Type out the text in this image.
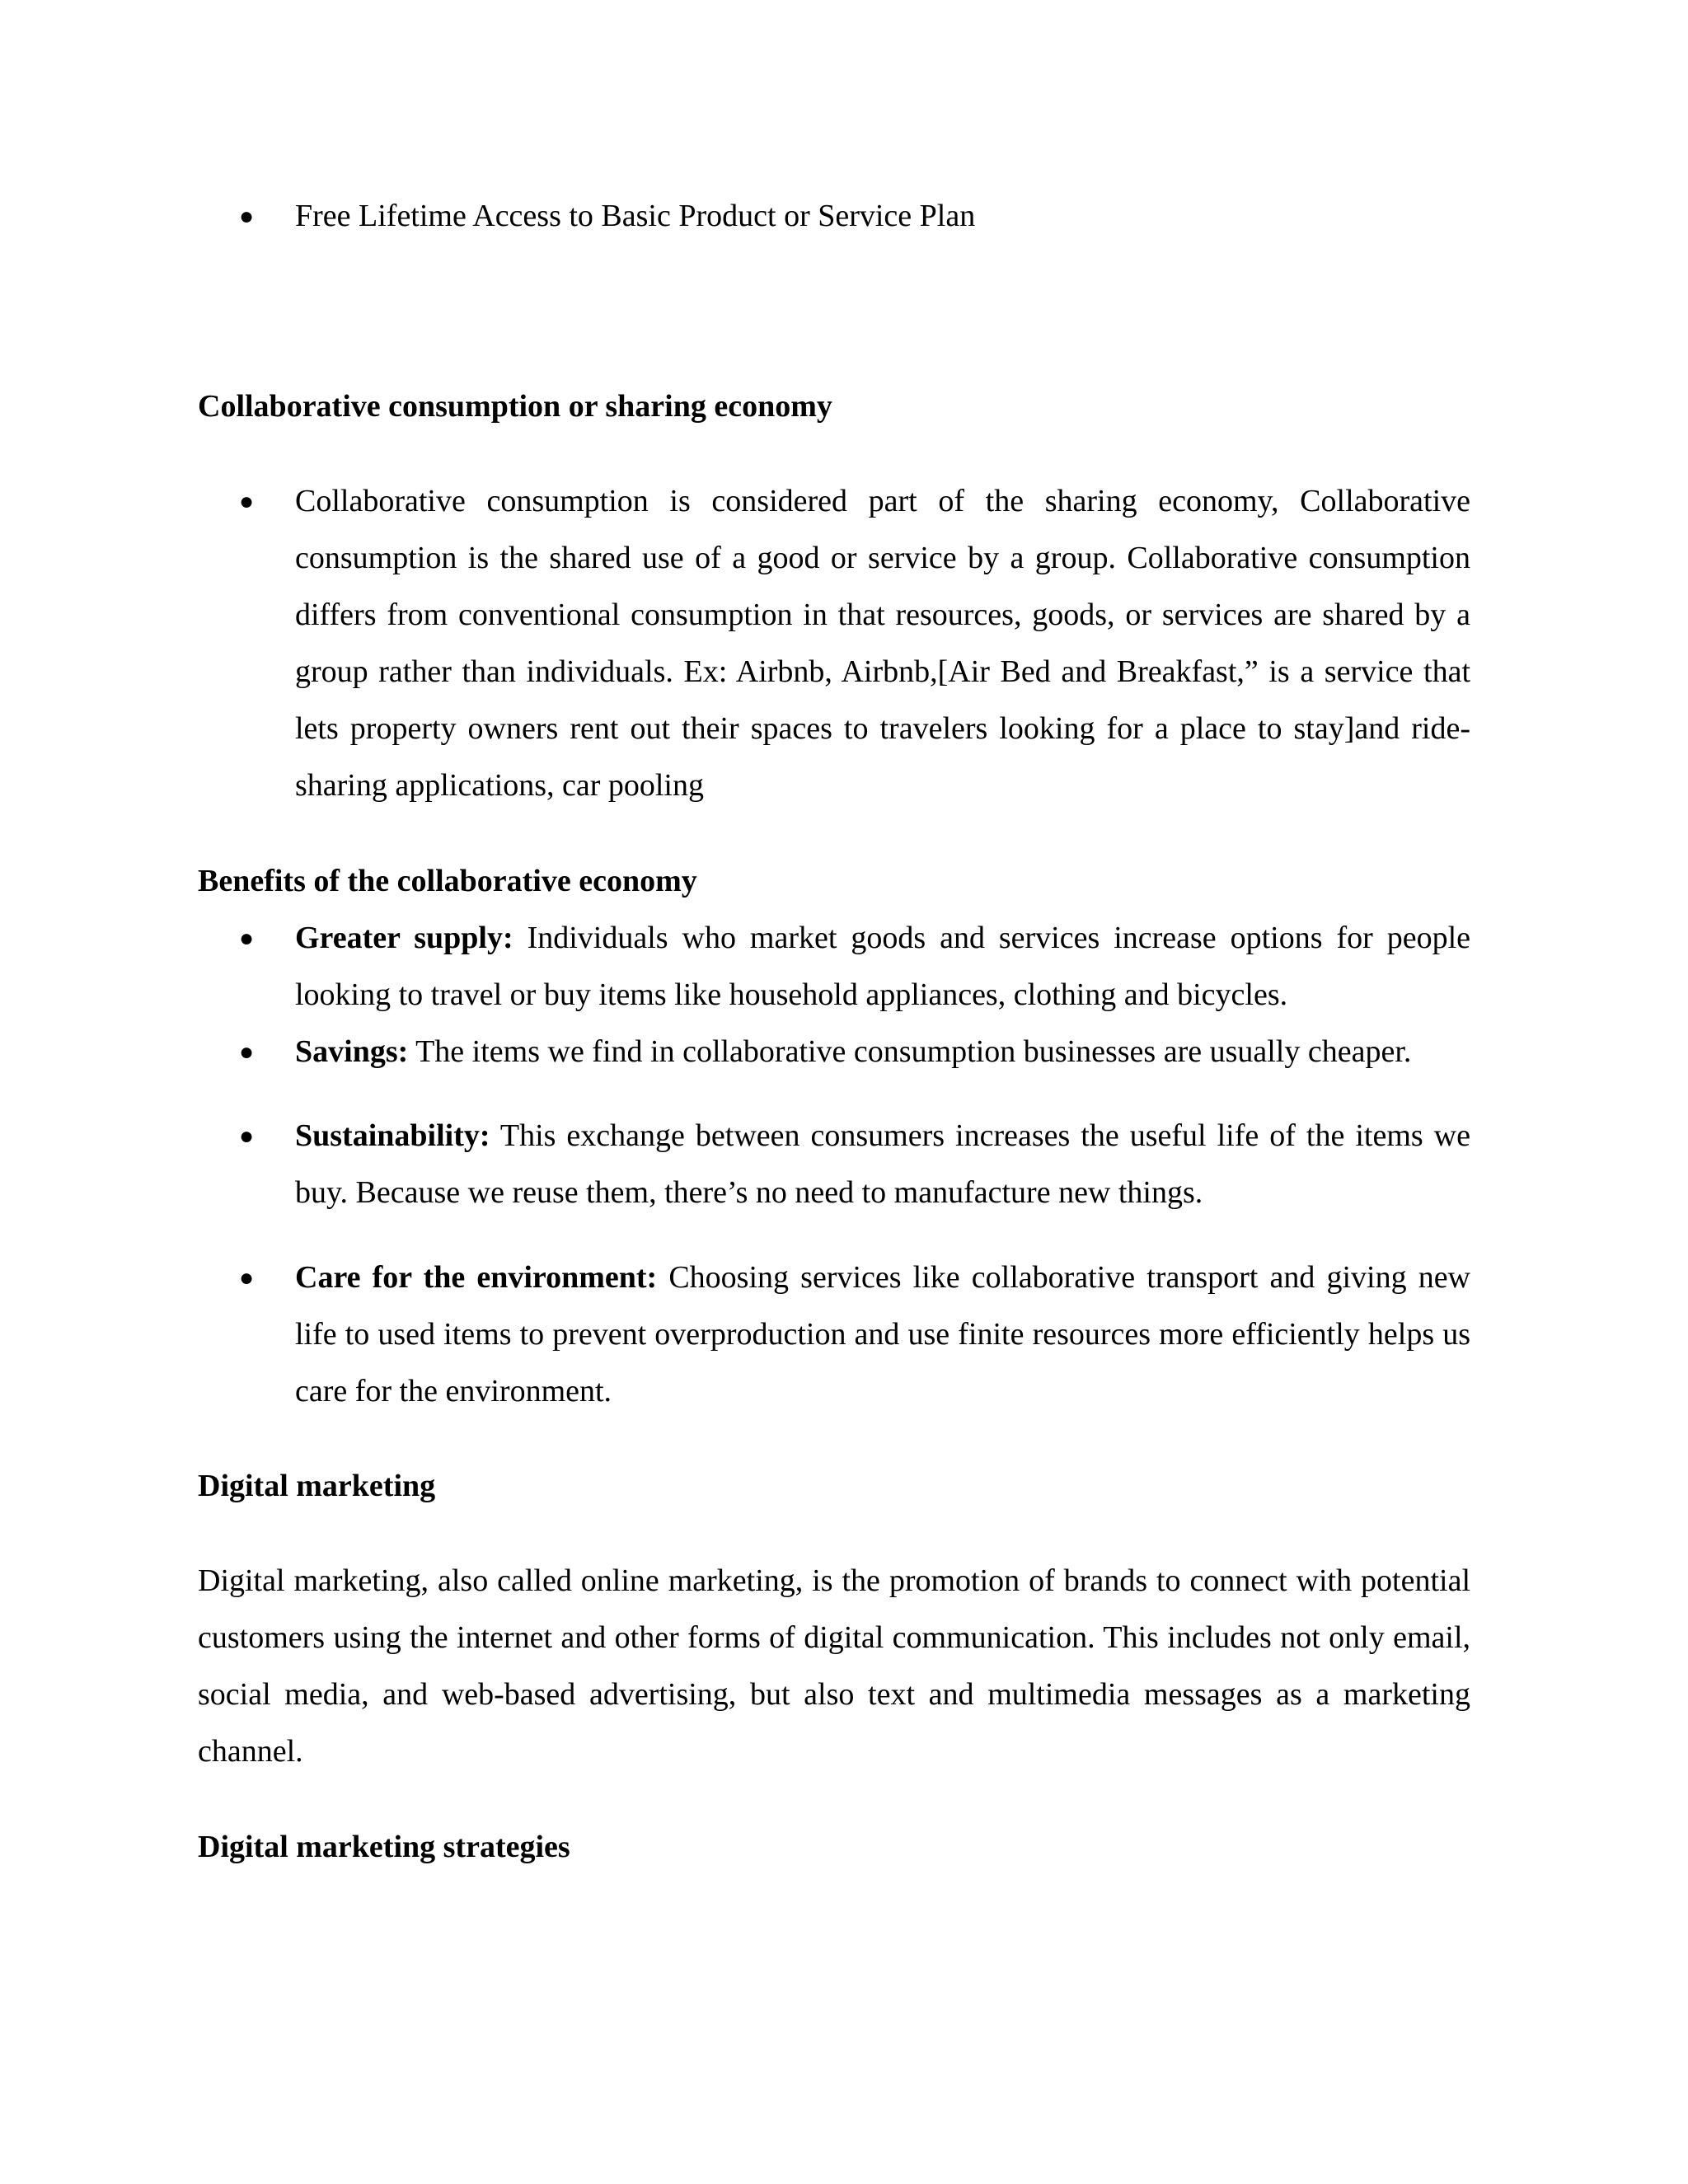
● Free Lifetime Access to Basic Product or Service Plan
Collaborative consumption or sharing economy
● Collaborative consumption is considered part of the sharing economy, Collaborative consumption is the shared use of a good or service by a group. Collaborative consumption differs from conventional consumption in that resources, goods, or services are shared by a group rather than individuals. Ex: Airbnb, Airbnb,[Air Bed and Breakfast,” is a service that lets property owners rent out their spaces to travelers looking for a place to stay]and ride-sharing applications, car pooling
Benefits of the collaborative economy
● Greater supply: Individuals who market goods and services increase options for people looking to travel or buy items like household appliances, clothing and bicycles.
● Savings: The items we find in collaborative consumption businesses are usually cheaper.
● Sustainability: This exchange between consumers increases the useful life of the items we buy. Because we reuse them, there’s no need to manufacture new things.
● Care for the environment: Choosing services like collaborative transport and giving new life to used items to prevent overproduction and use finite resources more efficiently helps us care for the environment.
Digital marketing
Digital marketing, also called online marketing, is the promotion of brands to connect with potential customers using the internet and other forms of digital communication. This includes not only email, social media, and web-based advertising, but also text and multimedia messages as a marketing channel.
Digital marketing strategies
